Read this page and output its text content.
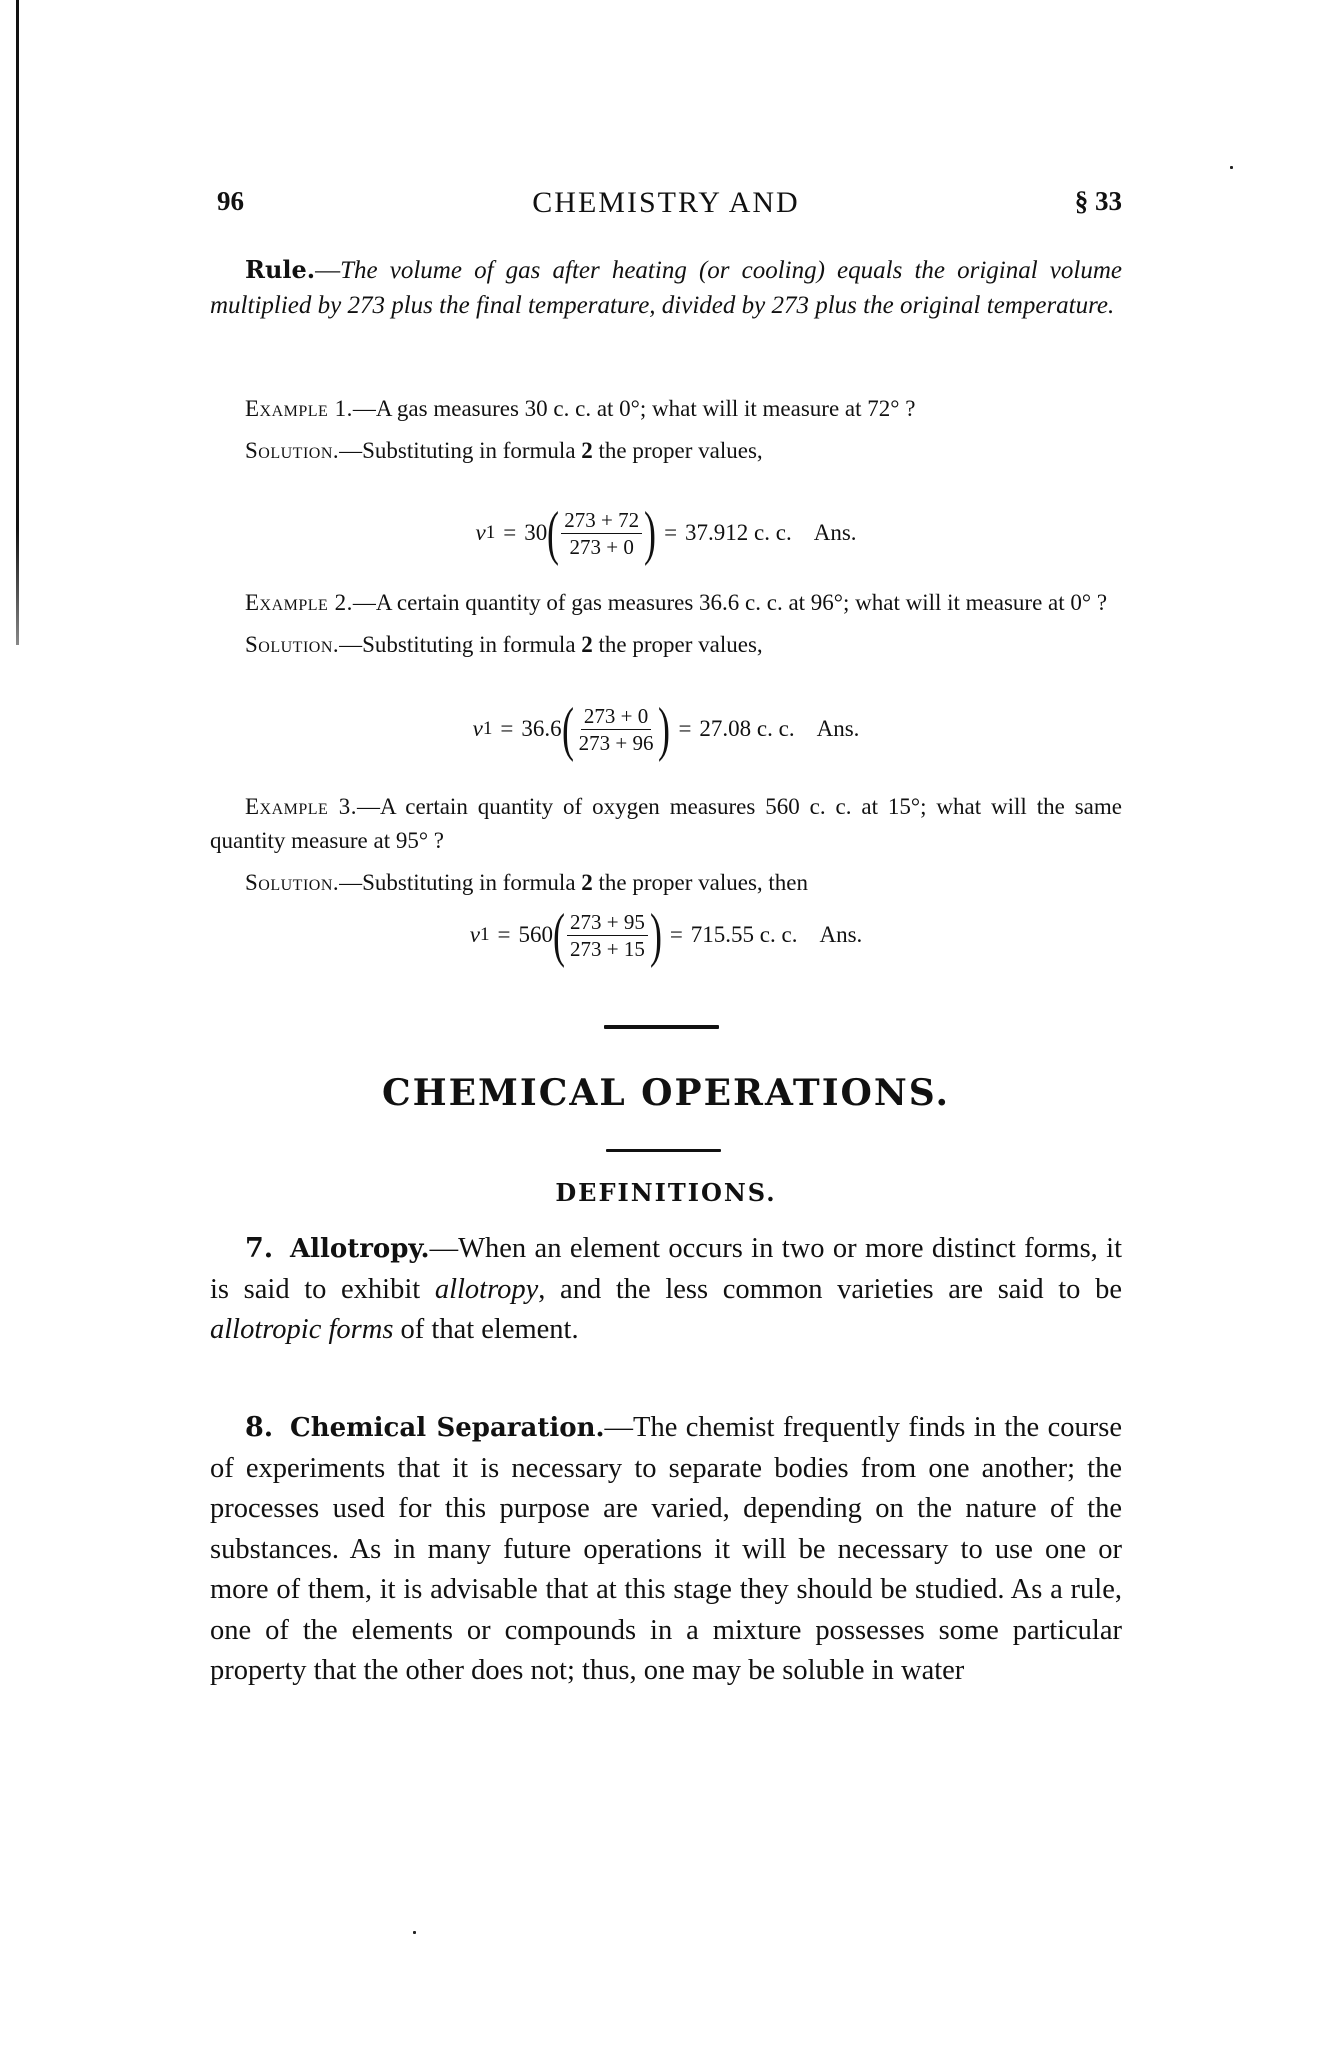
96	CHEMISTRY AND	§ 33

Rule.—The volume of gas after heating (or cooling) equals the original volume multiplied by 273 plus the final temperature, divided by 273 plus the original temperature.

Example 1.—A gas measures 30 c. c. at 0°; what will it measure at 72° ?

Solution.—Substituting in formula 2 the proper values,

v 1 = 30 ( $\frac{273 + 72}{273 + 0}$ ) = 37.912 c. c. Ans.

Example 2.—A certain quantity of gas measures 36.6 c. c. at 96°; what will it measure at 0° ?

Solution.—Substituting in formula 2 the proper values,

v 1 = 36.6 ( $\frac{273 + 0}{273 + 96}$ ) = 27.08 c. c. Ans.

Example 3.—A certain quantity of oxygen measures 560 c. c. at 15°; what will the same quantity measure at 95° ?

Solution.—Substituting in formula 2 the proper values, then

v 1 = 560 ( $\frac{273 + 95}{273 + 15}$ ) = 715.55 c. c. Ans.
CHEMICAL OPERATIONS.
DEFINITIONS.

7. Allotropy.—When an element occurs in two or more distinct forms, it is said to exhibit allotropy, and the less common varieties are said to be allotropic forms of that element.

8. Chemical Separation.—The chemist frequently finds in the course of experiments that it is necessary to separate bodies from one another; the processes used for this purpose are varied, depending on the nature of the substances. As in many future operations it will be necessary to use one or more of them, it is advisable that at this stage they should be studied. As a rule, one of the elements or compounds in a mixture possesses some particular property that the other does not; thus, one may be soluble in water
